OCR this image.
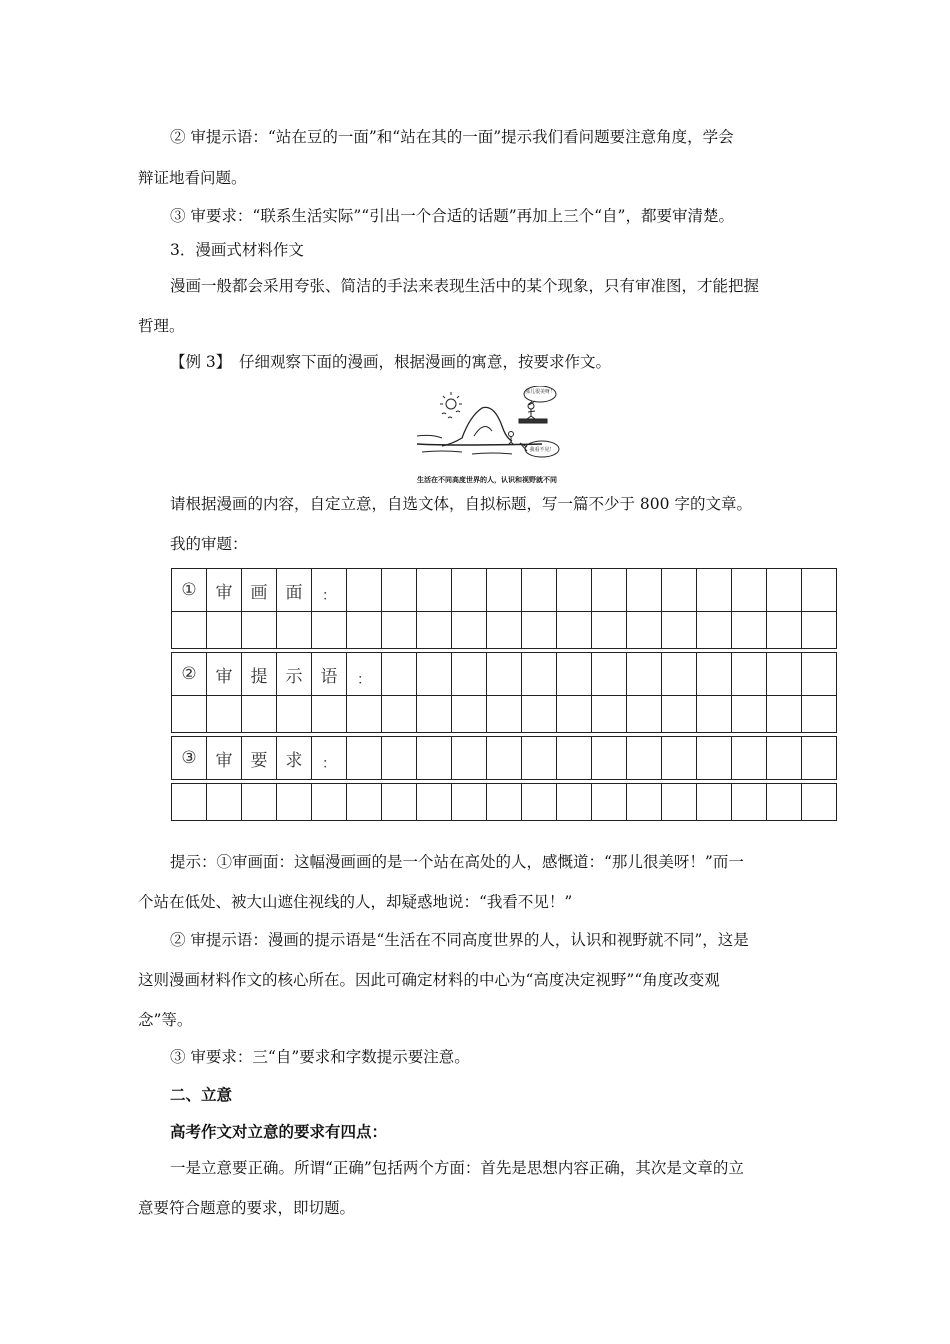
② 审提示语：“站在豆的一面”和“站在其的一面”提示我们看问题要注意角度，学会
辩证地看问题。
③ 审要求：“联系生活实际”“引出一个合适的话题”再加上三个“自”，都要审清楚。
3．漫画式材料作文
漫画一般都会采用夸张、简洁的手法来表现生活中的某个现象，只有审准图，才能把握
哲理。
【例 3】　仔细观察下面的漫画，根据漫画的寓意，按要求作文。
那儿很美呀！
我看不见！
生活在不同高度世界的人，认识和视野就不同
请根据漫画的内容，自定立意，自选文体，自拟标题，写一篇不少于 800 字的文章。
我的审题：
①	审	画	面	：														

②	审	提	示	语	：													

③	审	要	求	：														

提示：①审画面：这幅漫画画的是一个站在高处的人，感慨道：“那儿很美呀！”而一
个站在低处、被大山遮住视线的人，却疑惑地说：“我看不见！”
② 审提示语：漫画的提示语是“生活在不同高度世界的人，认识和视野就不同”，这是
这则漫画材料作文的核心所在。因此可确定材料的中心为“高度决定视野”“角度改变观
念”等。
③ 审要求：三“自”要求和字数提示要注意。
二、立意
高考作文对立意的要求有四点：
一是立意要正确。所谓“正确”包括两个方面：首先是思想内容正确，其次是文章的立
意要符合题意的要求，即切题。
